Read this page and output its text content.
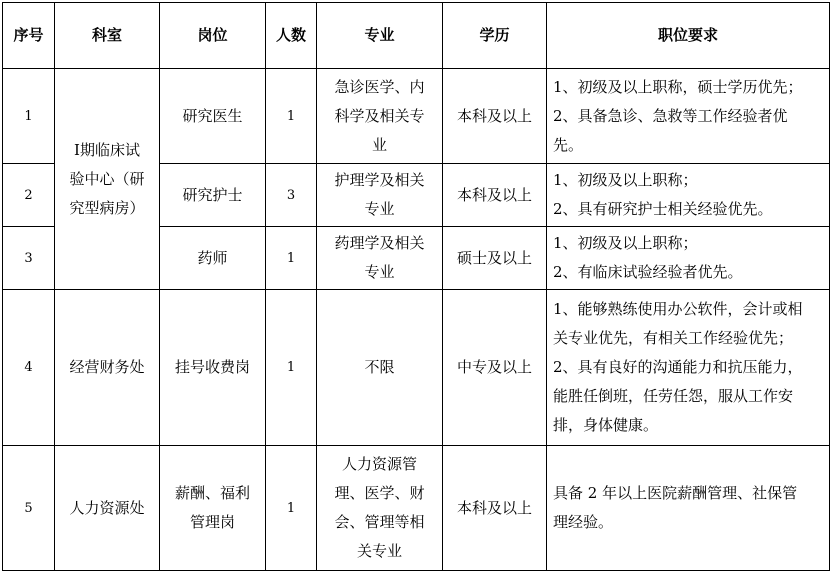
序号	科室	岗位	人数	专业	学历	职位要求
1	Ⅰ期临床试
验中心（研
究型病房）	研究医生	1	急诊医学、内
科学及相关专
业	本科及以上	1、初级及以上职称，硕士学历优先；
2、具备急诊、急救等工作经验者优
先。

2		研究护士	3	护理学及相关
专业	本科及以上	1、初级及以上职称；
2、具有研究护士相关经验优先。

3		药师	1	药理学及相关
专业	硕士及以上	1、初级及以上职称；
2、有临床试验经验者优先。

4	经营财务处	挂号收费岗	1	不限	中专及以上	1、能够熟练使用办公软件，会计或相
关专业优先，有相关工作经验优先；
2、具有良好的沟通能力和抗压能力，
能胜任倒班，任劳任怨，服从工作安
排，身体健康。

5	人力资源处	薪酬、福利
管理岗	1	人力资源管
理、医学、财
会、管理等相
关专业	本科及以上	具备 2 年以上医院薪酬管理、社保管
理经验。
